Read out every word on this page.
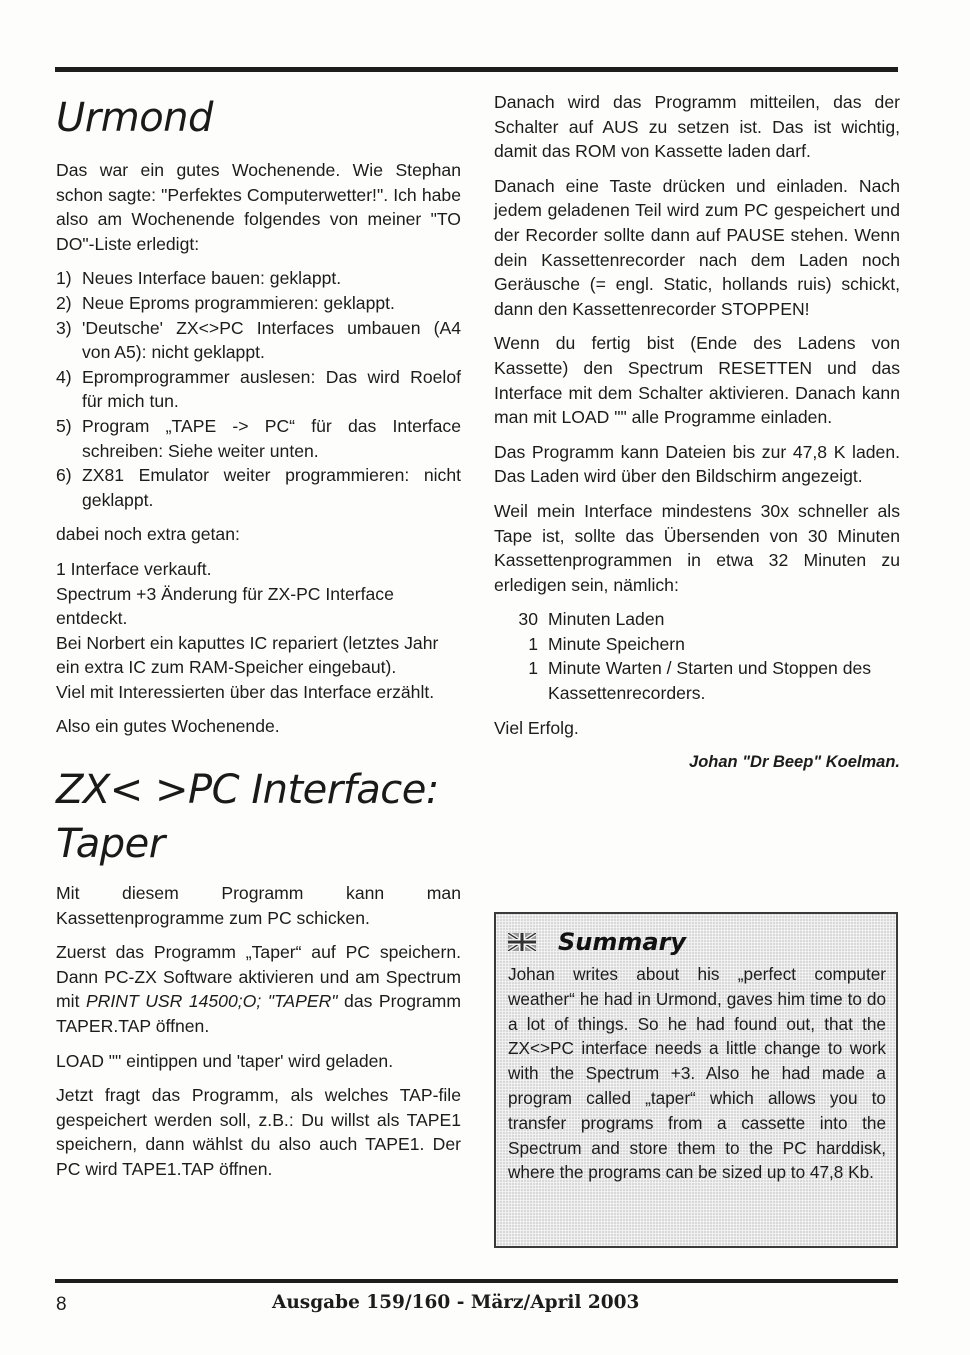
Urmond

Das war ein gutes Wochenende. Wie Stephan schon sagte: "Perfektes Computerwetter!". Ich habe also am Wochenende folgendes von meiner "TO DO"-Liste erledigt:

1) Neues Interface bauen: geklappt.
2) Neue Eproms programmieren: geklappt.
3) 'Deutsche' ZX<>PC Interfaces umbauen (A4 von A5): nicht geklappt.
4) Epromprogrammer auslesen: Das wird Roelof für mich tun.
5) Program „TAPE -> PC“ für das Interface schreiben: Siehe weiter unten.
6) ZX81 Emulator weiter programmieren: nicht geklappt.

dabei noch extra getan:

1 Interface verkauft.
Spectrum +3 Änderung für ZX-PC Interface entdeckt.
Bei Norbert ein kaputtes IC repariert (letztes Jahr ein extra IC zum RAM-Speicher eingebaut).
Viel mit Interessierten über das Interface erzählt.

Also ein gutes Wochenende.

ZX< >PC Interface:
Taper

Mit diesem Programm kann man Kassettenprogramme zum PC schicken.

Zuerst das Programm „Taper“ auf PC speichern. Dann PC-ZX Software aktivieren und am Spectrum mit PRINT USR 14500;O; "TAPER" das Programm TAPER.TAP öffnen.

LOAD "" eintippen und 'taper' wird geladen.

Jetzt fragt das Programm, als welches TAP-file gespeichert werden soll, z.B.: Du willst als TAPE1 speichern, dann wählst du also auch TAPE1. Der PC wird TAPE1.TAP öffnen.

Danach wird das Programm mitteilen, das der Schalter auf AUS zu setzen ist. Das ist wichtig, damit das ROM von Kassette laden darf.

Danach eine Taste drücken und einladen. Nach jedem geladenen Teil wird zum PC gespeichert und der Recorder sollte dann auf PAUSE stehen. Wenn dein Kassettenrecorder nach dem Laden noch Geräusche (= engl. Static, hollands ruis) schickt, dann den Kassettenrecorder STOPPEN!

Wenn du fertig bist (Ende des Ladens von Kassette) den Spectrum RESETTEN und das Interface mit dem Schalter aktivieren. Danach kann man mit LOAD "" alle Programme einladen.

Das Programm kann Dateien bis zur 47,8 K laden. Das Laden wird über den Bildschirm angezeigt.

Weil mein Interface mindestens 30x schneller als Tape ist, sollte das Übersenden von 30 Minuten Kassettenprogrammen in etwa 32 Minuten zu erledigen sein, nämlich:

30 Minuten Laden
1 Minute Speichern
1 Minute Warten / Starten und Stoppen des Kassettenrecorders.

Viel Erfolg.

Johan "Dr Beep" Koelman.
Summary

Johan writes about his „perfect computer weather“ he had in Urmond, gaves him time to do a lot of things. So he had found out, that the ZX<>PC interface needs a little change to work with the Spectrum +3. Also he had made a program called „taper“ which allows you to transfer programs from a cassette into the Spectrum and store them to the PC harddisk, where the programs can be sized up to 47,8 Kb.

8	Ausgabe 159/160 - März/April 2003
